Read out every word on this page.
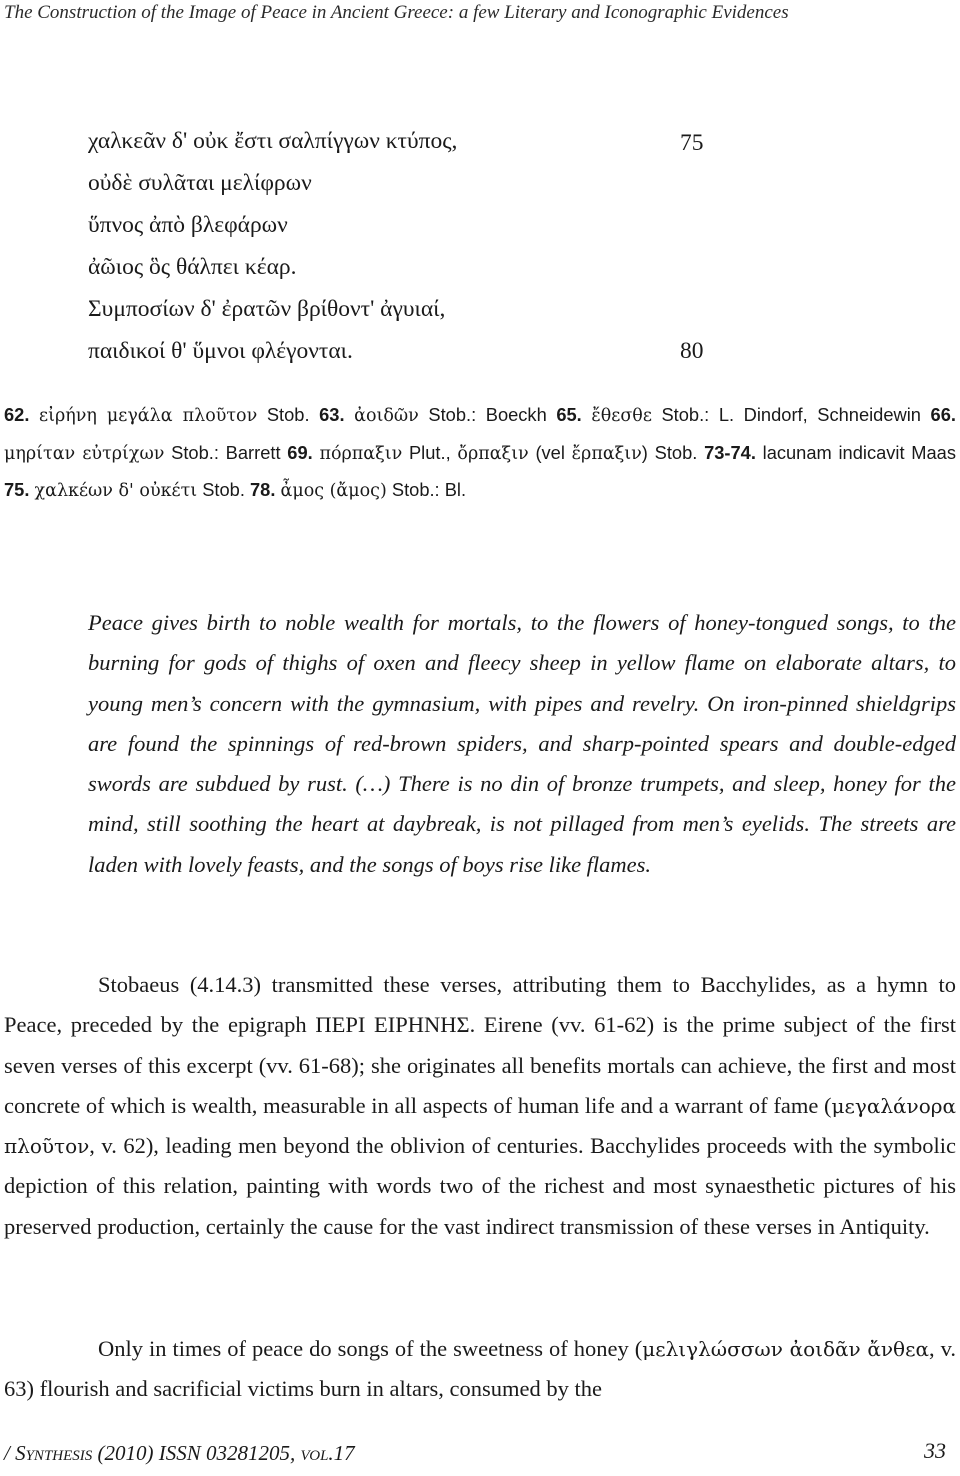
The Construction of the Image of Peace in Ancient Greece: a few Literary and Iconographic Evidences
χαλκεᾶν δ' οὐκ ἔστι σαλπίγγων κτύπος,
οὐδὲ συλᾶται μελίφρων
ὕπνος ἀπὸ βλεφάρων
ἀῶιος ὃς θάλπει κέαρ.
Συμποσίων δ' ἐρατῶν βρίθοντ' ἀγυιαί,
παιδικοί θ' ὕμνοι φλέγονται.
75
80
62. εἰρήνη μεγάλα πλοῦτον Stob. 63. ἀοιδῶν Stob.: Boeckh 65. ἔθεσθε Stob.: L. Dindorf, Schneidewin 66. μηρίταν εὐτρίχων Stob.: Barrett 69. πόρπαξιν Plut., ὄρπαξιν (vel ἔρπαξιν) Stob. 73-74. lacunam indicavit Maas 75. χαλκέων δ' οὐκέτι Stob. 78. ἆμος (ἄμος) Stob.: Bl.
Peace gives birth to noble wealth for mortals, to the flowers of honey-tongued songs, to the burning for gods of thighs of oxen and fleecy sheep in yellow flame on elaborate altars, to young men’s concern with the gymnasium, with pipes and revelry. On iron-pinned shieldgrips are found the spinnings of red-brown spiders, and sharp-pointed spears and double-edged swords are subdued by rust. (…) There is no din of bronze trumpets, and sleep, honey for the mind, still soothing the heart at daybreak, is not pillaged from men’s eyelids. The streets are laden with lovely feasts, and the songs of boys rise like flames.
Stobaeus (4.14.3) transmitted these verses, attributing them to Bacchylides, as a hymn to Peace, preceded by the epigraph ΠΕΡΙ ΕΙΡΗΝΗΣ. Eirene (vv. 61-62) is the prime subject of the first seven verses of this excerpt (vv. 61-68); she originates all benefits mortals can achieve, the first and most concrete of which is wealth, measurable in all aspects of human life and a warrant of fame (μεγαλάνορα πλοῦτον, v. 62), leading men beyond the oblivion of centuries. Bacchylides proceeds with the symbolic depiction of this relation, painting with words two of the richest and most synaesthetic pictures of his preserved production, certainly the cause for the vast indirect transmission of these verses in Antiquity.
Only in times of peace do songs of the sweetness of honey (μελιγλώσσων ἀοιδᾶν ἄνθεα, v. 63) flourish and sacrificial victims burn in altars, consumed by the
/ Synthesis (2010) ISSN 03281205, vol.17	33
